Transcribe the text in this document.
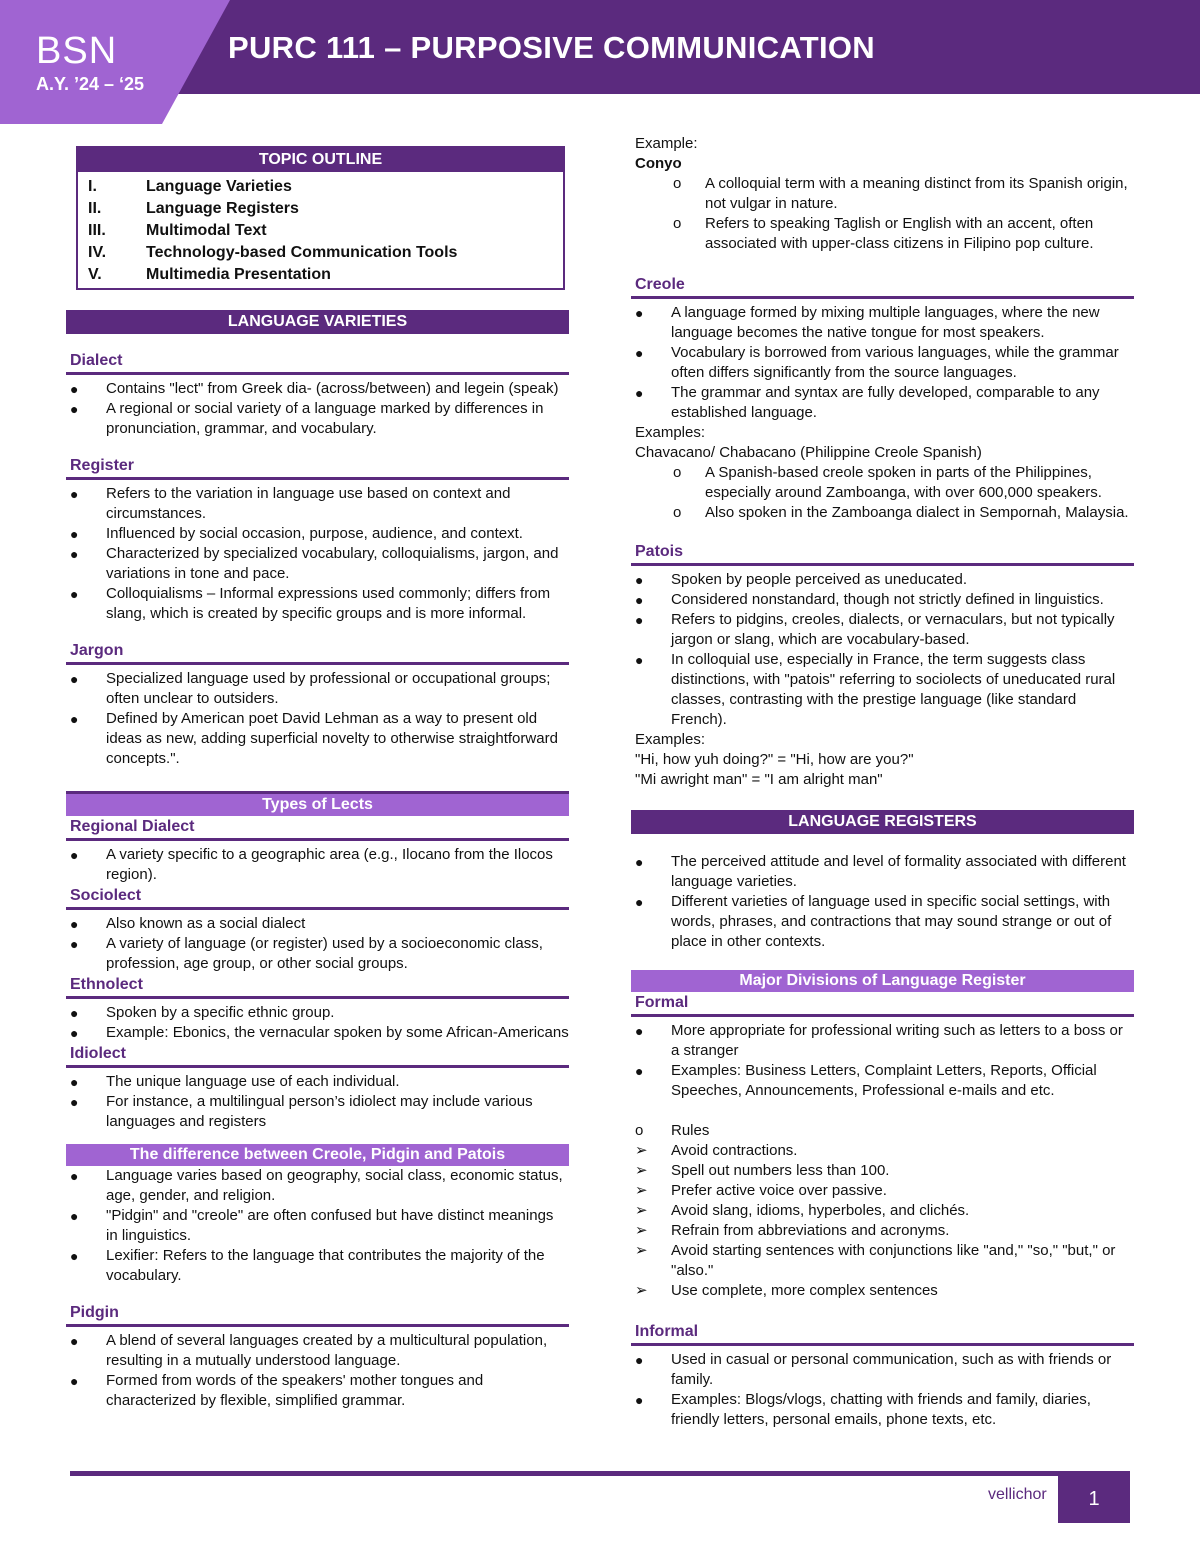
BSN
A.Y. ’24 – ‘25
PURC 111 – PURPOSIVE COMMUNICATION
TOPIC OUTLINE
I.	Language Varieties
II.	Language Registers
III.	Multimodal Text
IV.	Technology-based Communication Tools
V.	Multimedia Presentation
LANGUAGE VARIETIES
Dialect
● Contains "lect" from Greek dia- (across/between) and legein (speak)
● A regional or social variety of a language marked by differences in pronunciation, grammar, and vocabulary.
Register
● Refers to the variation in language use based on context and circumstances.
● Influenced by social occasion, purpose, audience, and context.
● Characterized by specialized vocabulary, colloquialisms, jargon, and variations in tone and pace.
● Colloquialisms – Informal expressions used commonly; differs from slang, which is created by specific groups and is more informal.
Jargon
● Specialized language used by professional or occupational groups; often unclear to outsiders.
● Defined by American poet David Lehman as a way to present old ideas as new, adding superficial novelty to otherwise straightforward concepts.".
Types of Lects
Regional Dialect
● A variety specific to a geographic area (e.g., Ilocano from the Ilocos region).
Sociolect
● Also known as a social dialect
● A variety of language (or register) used by a socioeconomic class, profession, age group, or other social groups.
Ethnolect
● Spoken by a specific ethnic group.
● Example: Ebonics, the vernacular spoken by some African-Americans
Idiolect
● The unique language use of each individual.
● For instance, a multilingual person’s idiolect may include various languages and registers
The difference between Creole, Pidgin and Patois
● Language varies based on geography, social class, economic status, age, gender, and religion.
● "Pidgin" and "creole" are often confused but have distinct meanings in linguistics.
● Lexifier: Refers to the language that contributes the majority of the vocabulary.
Pidgin
● A blend of several languages created by a multicultural population, resulting in a mutually understood language.
● Formed from words of the speakers' mother tongues and characterized by flexible, simplified grammar.
Example:
Conyo
o A colloquial term with a meaning distinct from its Spanish origin, not vulgar in nature.
o Refers to speaking Taglish or English with an accent, often associated with upper-class citizens in Filipino pop culture.
Creole
● A language formed by mixing multiple languages, where the new language becomes the native tongue for most speakers.
● Vocabulary is borrowed from various languages, while the grammar often differs significantly from the source languages.
● The grammar and syntax are fully developed, comparable to any established language.
Examples:
Chavacano/ Chabacano (Philippine Creole Spanish)
o A Spanish-based creole spoken in parts of the Philippines, especially around Zamboanga, with over 600,000 speakers.
o Also spoken in the Zamboanga dialect in Sempornah, Malaysia.
Patois
● Spoken by people perceived as uneducated.
● Considered nonstandard, though not strictly defined in linguistics.
● Refers to pidgins, creoles, dialects, or vernaculars, but not typically jargon or slang, which are vocabulary-based.
● In colloquial use, especially in France, the term suggests class distinctions, with "patois" referring to sociolects of uneducated rural classes, contrasting with the prestige language (like standard French).
Examples:
"Hi, how yuh doing?" = "Hi, how are you?"
"Mi awright man" = "I am alright man"
LANGUAGE REGISTERS
● The perceived attitude and level of formality associated with different language varieties.
● Different varieties of language used in specific social settings, with words, phrases, and contractions that may sound strange or out of place in other contexts.
Major Divisions of Language Register
Formal
● More appropriate for professional writing such as letters to a boss or a stranger
● Examples: Business Letters, Complaint Letters, Reports, Official Speeches, Announcements, Professional e-mails and etc.
o Rules
➢ Avoid contractions.
➢ Spell out numbers less than 100.
➢ Prefer active voice over passive.
➢ Avoid slang, idioms, hyperboles, and clichés.
➢ Refrain from abbreviations and acronyms.
➢ Avoid starting sentences with conjunctions like "and," "so," "but," or "also."
➢ Use complete, more complex sentences
Informal
● Used in casual or personal communication, such as with friends or family.
● Examples: Blogs/vlogs, chatting with friends and family, diaries, friendly letters, personal emails, phone texts, etc.
vellichor	1
